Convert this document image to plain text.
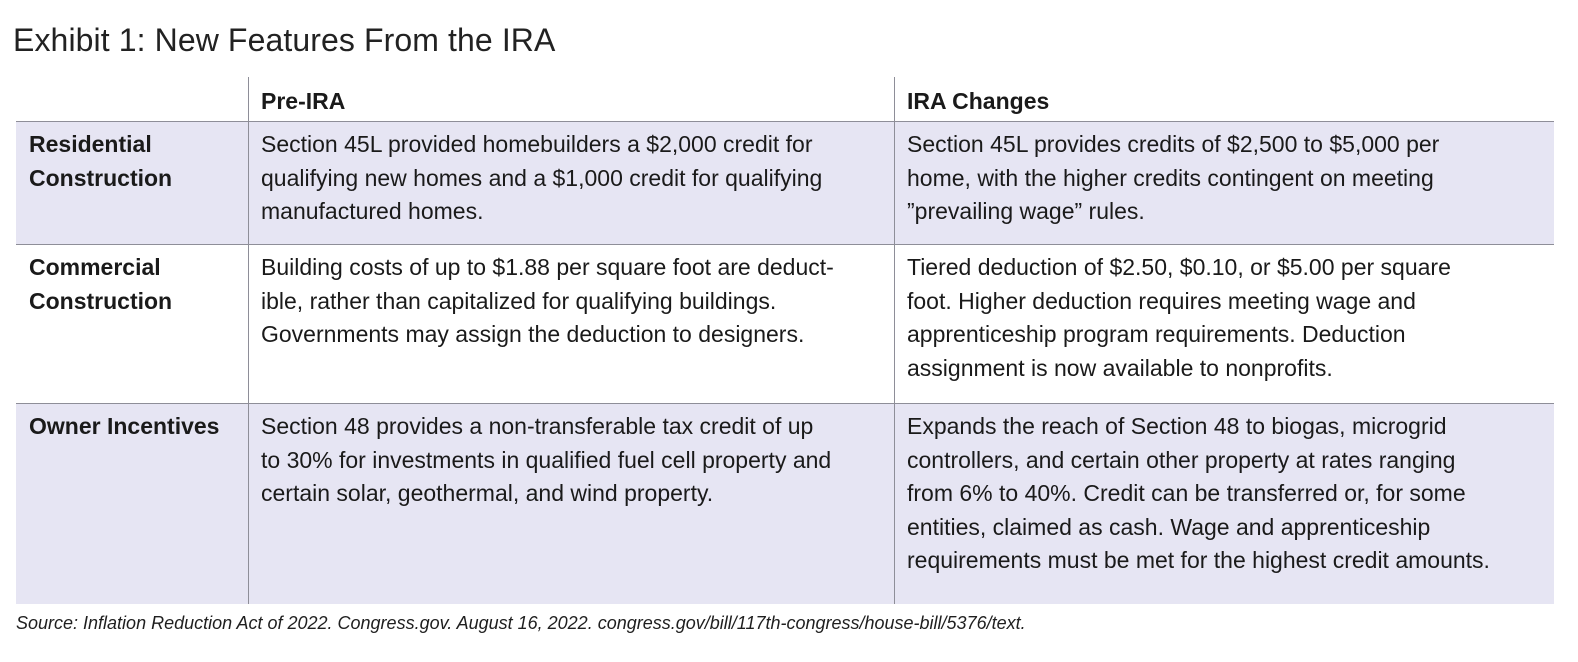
Exhibit 1: New Features From the IRA
Pre-IRA	IRA Changes
Residential
Construction
Section 45L provided homebuilders a $2,000 credit for
qualifying new homes and a $1,000 credit for qualifying
manufactured homes.
Section 45L provides credits of $2,500 to $5,000 per
home, with the higher credits contingent on meeting
”prevailing wage” rules.
Commercial
Construction
Building costs of up to $1.88 per square foot are deduct-
ible, rather than capitalized for qualifying buildings.
Governments may assign the deduction to designers.
Tiered deduction of $2.50, $0.10, or $5.00 per square
foot. Higher deduction requires meeting wage and
apprenticeship program requirements. Deduction
assignment is now available to nonprofits.
Owner Incentives	Section 48 provides a non-transferable tax credit of up
to 30% for investments in qualified fuel cell property and
certain solar, geothermal, and wind property.
Expands the reach of Section 48 to biogas, microgrid
controllers, and certain other property at rates ranging
from 6% to 40%. Credit can be transferred or, for some
entities, claimed as cash. Wage and apprenticeship
requirements must be met for the highest credit amounts.
Source: Inflation Reduction Act of 2022. Congress.gov. August 16, 2022. congress.gov/bill/117th-congress/house-bill/5376/text.
